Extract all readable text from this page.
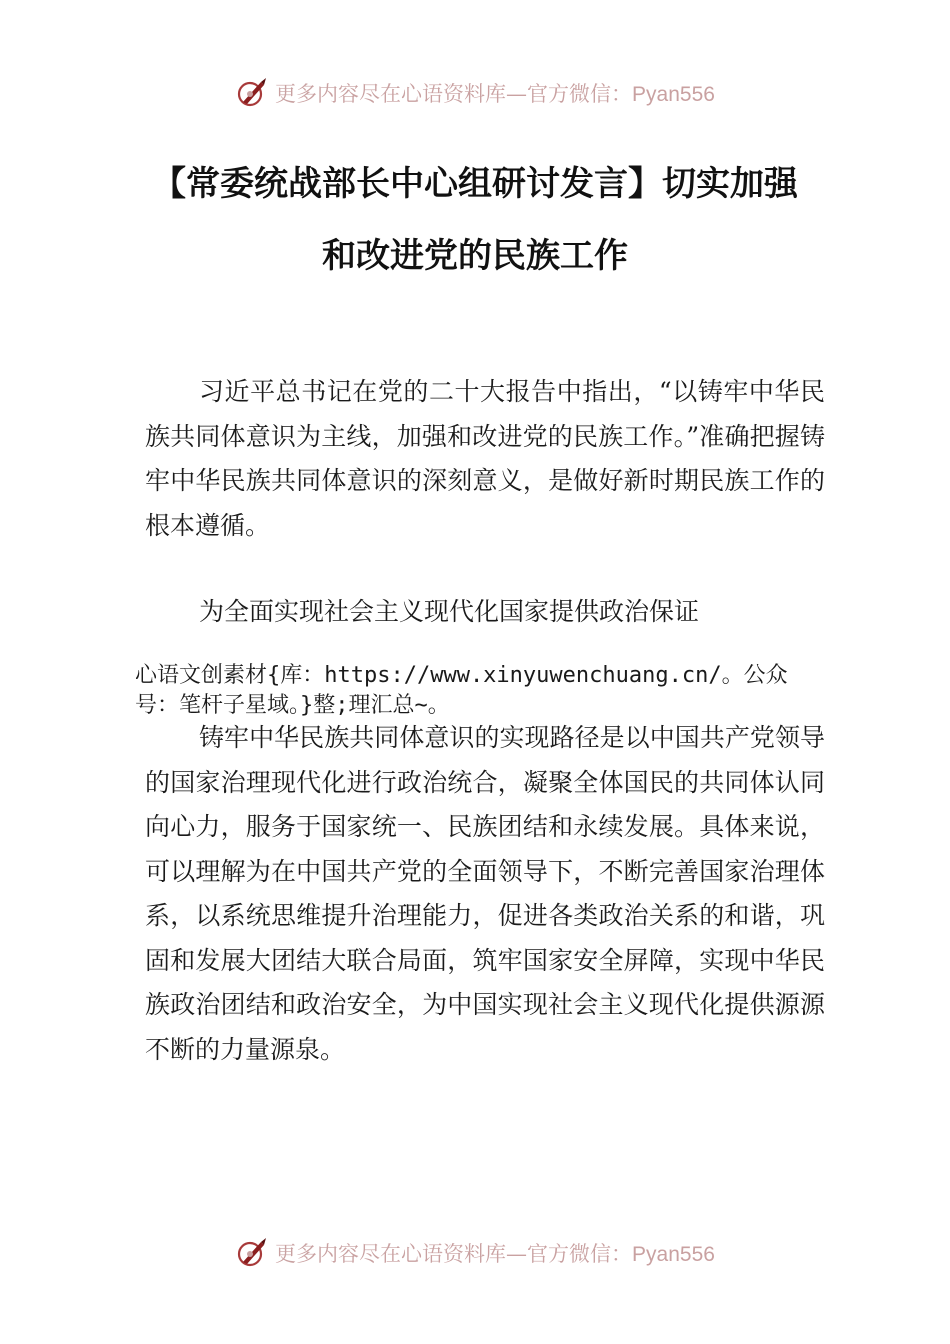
更多内容尽在心语资料库—官方微信：Pyan556
【常委统战部长中心组研讨发言】切实加强
和改进党的民族工作
习近平总书记在党的二十大报告中指出，“以铸牢中华民族共同体意识为主线，加强和改进党的民族工作。”准确把握铸牢中华民族共同体意识的深刻意义，是做好新时期民族工作的根本遵循。
为全面实现社会主义现代化国家提供政治保证
心语文创素材{库：https://www.xinyuwenchuang.cn/。公众号：笔杆子星域。}整;理汇总~。
铸牢中华民族共同体意识的实现路径是以中国共产党领导的国家治理现代化进行政治统合，凝聚全体国民的共同体认同向心力，服务于国家统一、民族团结和永续发展。具体来说，可以理解为在中国共产党的全面领导下，不断完善国家治理体系，以系统思维提升治理能力，促进各类政治关系的和谐，巩固和发展大团结大联合局面，筑牢国家安全屏障，实现中华民族政治团结和政治安全，为中国实现社会主义现代化提供源源不断的力量源泉。
更多内容尽在心语资料库—官方微信：Pyan556
